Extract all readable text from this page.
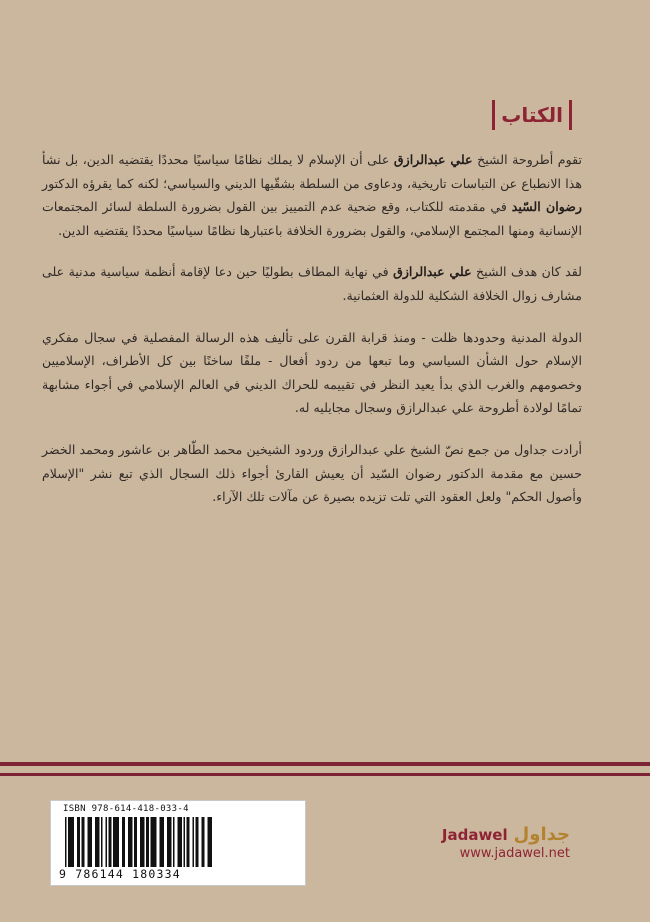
الكتاب

تقوم أطروحة الشيخ علي عبدالرازق على أن الإسلام لا يملك نظامًا سياسيًا محددًا يقتضيه الدين، بل نشأ هذا الانطباع عن التباسات تاريخية، ودعاوى من السلطة بشقّيها الديني والسياسي؛ لكنه كما يقرؤه الدكتور رضوان السّيد في مقدمته للكتاب، وقع ضحية عدم التمييز بين القول بضرورة السلطة لسائر المجتمعات الإنسانية ومنها المجتمع الإسلامي، والقول بضرورة الخلافة باعتبارها نظامًا سياسيًا محددًا يقتضيه الدين.

لقد كان هدف الشيخ علي عبدالرازق في نهاية المطاف بطوليًا حين دعا لإقامة أنظمة سياسية مدنية على مشارف زوال الخلافة الشكلية للدولة العثمانية.

الدولة المدنية وحدودها ظلت - ومنذ قرابة القرن على تأليف هذه الرسالة المفصلية في سجال مفكري الإسلام حول الشأن السياسي وما تبعها من ردود أفعال - ملفًا ساخنًا بين كل الأطراف، الإسلاميين وخصومهم والغرب الذي بدأ يعيد النظر في تقييمه للحراك الديني في العالم الإسلامي في أجواء مشابهة تمامًا لولادة أطروحة علي عبدالرازق وسجال مجايليه له.

أرادت جداول من جمع نصّ الشيخ علي عبدالرازق وردود الشيخين محمد الطّاهر بن عاشور ومحمد الخضر حسين مع مقدمة الدكتور رضوان السّيد أن يعيش القارئ أجواء ذلك السجال الذي تبع نشر "الإسلام وأصول الحكم" ولعل العقود التي تلت تزيده بصيرة عن مآلات تلك الآراء.

ISBN 978-614-418-033-4
9 786144 180334
Jadawel جداول
www.jadawel.net
